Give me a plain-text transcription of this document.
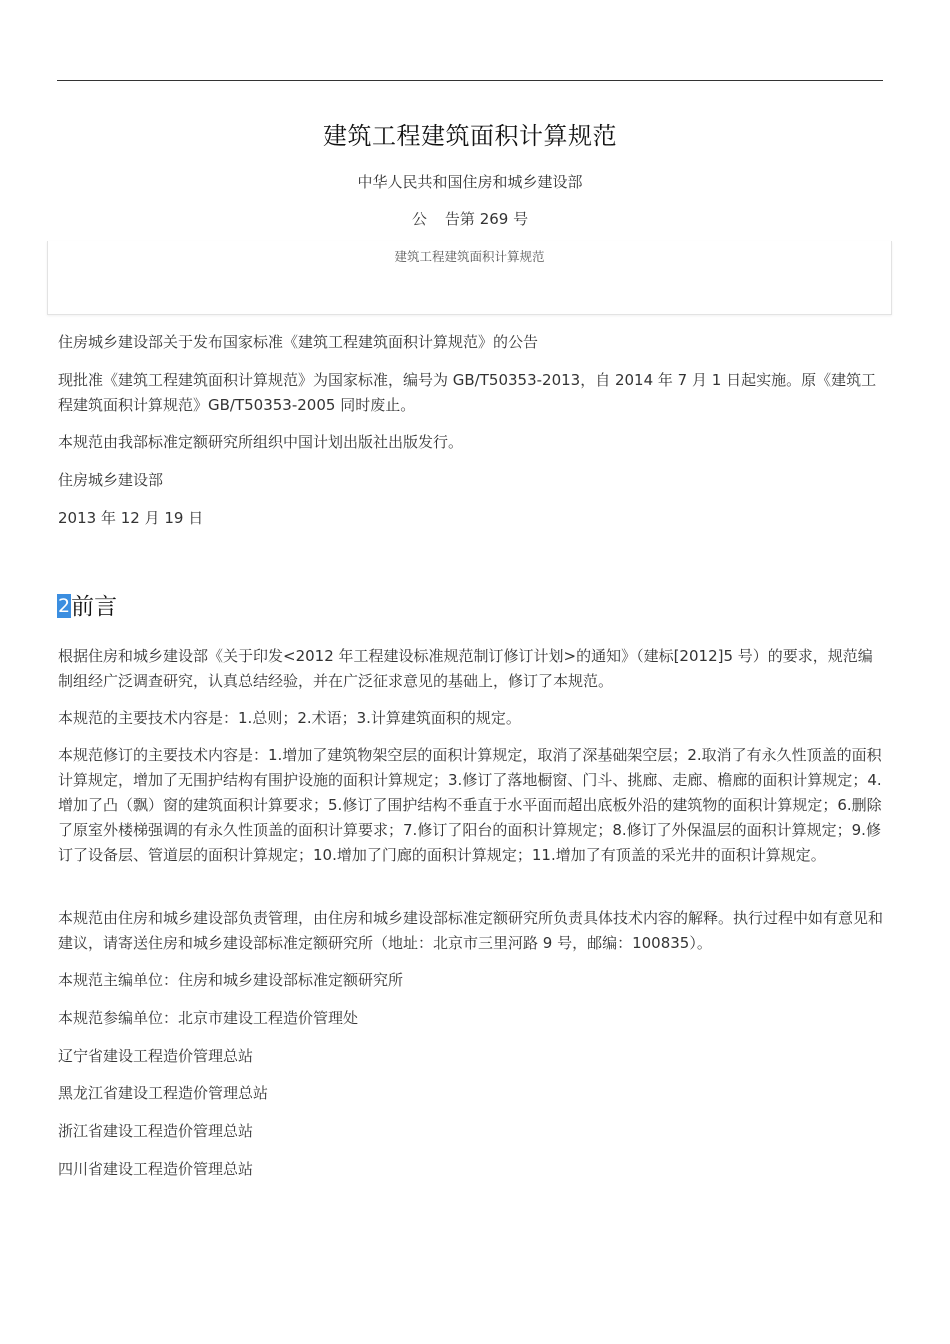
建筑工程建筑面积计算规范
中华人民共和国住房和城乡建设部
公 告第 269 号
建筑工程建筑面积计算规范

住房城乡建设部关于发布国家标准《建筑工程建筑面积计算规范》的公告

现批准《建筑工程建筑面积计算规范》为国家标准，编号为 GB/T50353-2013，自 2014 年 7 月 1 日起实施。原《建筑工程建筑面积计算规范》GB/T50353-2005 同时废止。

本规范由我部标准定额研究所组织中国计划出版社出版发行。

住房城乡建设部

2013 年 12 月 19 日

2前言

根据住房和城乡建设部《关于印发<2012 年工程建设标准规范制订修订计划>的通知》（建标[2012]5 号）的要求，规范编制组经广泛调查研究，认真总结经验，并在广泛征求意见的基础上，修订了本规范。

本规范的主要技术内容是：1.总则；2.术语；3.计算建筑面积的规定。

本规范修订的主要技术内容是：1.增加了建筑物架空层的面积计算规定，取消了深基础架空层；2.取消了有永久性顶盖的面积计算规定，增加了无围护结构有围护设施的面积计算规定；3.修订了落地橱窗、门斗、挑廊、走廊、檐廊的面积计算规定；4.增加了凸（飘）窗的建筑面积计算要求；5.修订了围护结构不垂直于水平面而超出底板外沿的建筑物的面积计算规定；6.删除了原室外楼梯强调的有永久性顶盖的面积计算要求；7.修订了阳台的面积计算规定；8.修订了外保温层的面积计算规定；9.修订了设备层、管道层的面积计算规定；10.增加了门廊的面积计算规定；11.增加了有顶盖的采光井的面积计算规定。

本规范由住房和城乡建设部负责管理，由住房和城乡建设部标准定额研究所负责具体技术内容的解释。执行过程中如有意见和建议，请寄送住房和城乡建设部标准定额研究所（地址：北京市三里河路 9 号，邮编：100835）。

本规范主编单位：住房和城乡建设部标准定额研究所

本规范参编单位：北京市建设工程造价管理处

辽宁省建设工程造价管理总站

黑龙江省建设工程造价管理总站

浙江省建设工程造价管理总站

四川省建设工程造价管理总站
